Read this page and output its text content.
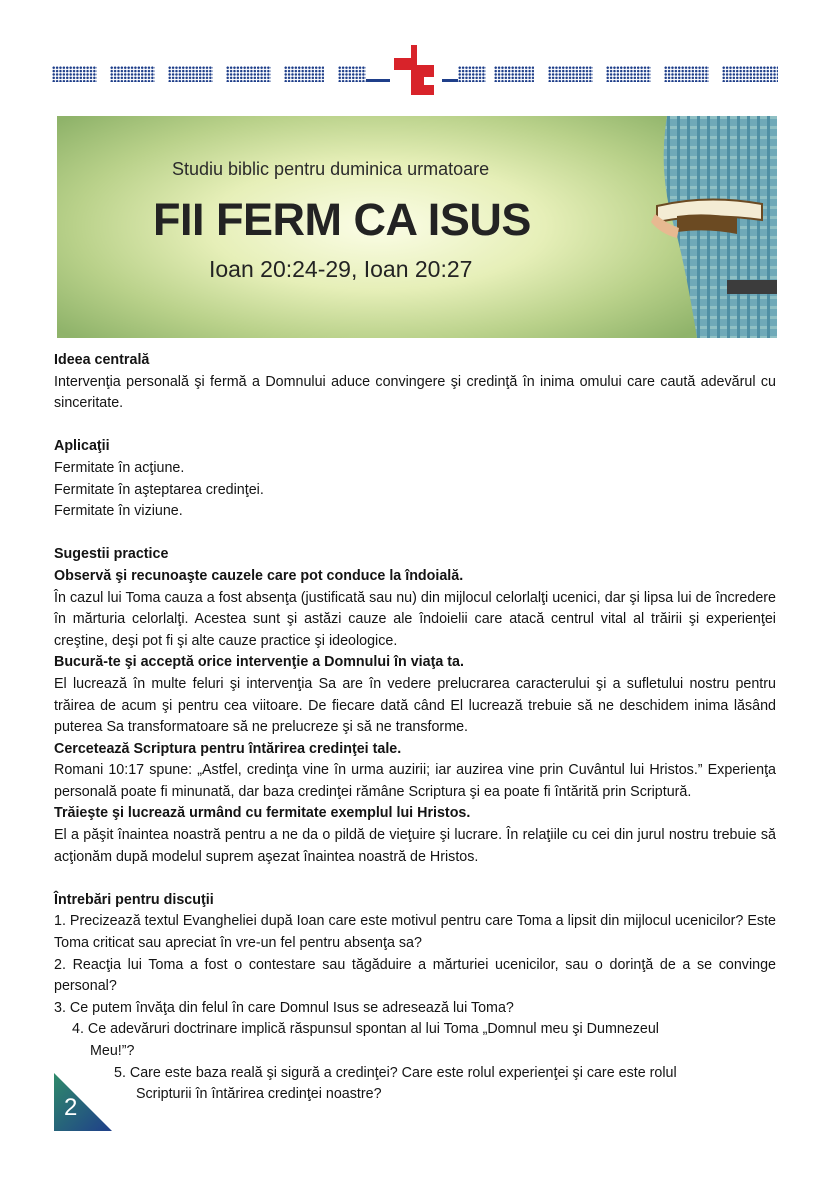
Studiu biblic pentru duminica urmatoare
FII FERM CA ISUS
Ioan 20:24-29, Ioan 20:27

Ideea centrală

Intervenţia personală şi fermă a Domnului aduce convingere şi credinţă în inima omului care caută adevărul cu sinceritate.

Aplicaţii

Fermitate în acţiune.

Fermitate în aşteptarea credinţei.

Fermitate în viziune.

Sugestii practice

Observă şi recunoaşte cauzele care pot conduce la îndoială.

În cazul lui Toma cauza a fost absenţa (justificată sau nu) din mijlocul celorlalţi ucenici, dar şi lipsa lui de încredere în mărturia celorlalţi. Acestea sunt şi astăzi cauze ale îndoielii care atacă centrul vital al trăirii şi experienţei creştine, deşi pot fi şi alte cauze practice şi ideologice.

Bucură-te şi acceptă orice intervenţie a Domnului în viaţa ta.

El lucrează în multe feluri şi intervenţia Sa are în vedere prelucrarea caracterului şi a sufletului nostru pentru trăirea de acum şi pentru cea viitoare. De fiecare dată când El lucrează trebuie să ne deschidem inima lăsând puterea Sa transformatoare să ne prelucreze şi să ne transforme.

Cercetează Scriptura pentru întărirea credinţei tale.

Romani 10:17 spune: „Astfel, credinţa vine în urma auzirii; iar auzirea vine prin Cuvântul lui Hristos.” Experienţa personală poate fi minunată, dar baza credinţei rămâne Scriptura şi ea poate fi întărită prin Scriptură.

Trăieşte şi lucrează urmând cu fermitate exemplul lui Hristos.

El a păşit înaintea noastră pentru a ne da o pildă de vieţuire şi lucrare. În relaţiile cu cei din jurul nostru trebuie să acţionăm după modelul suprem aşezat înaintea noastră de Hristos.

Întrebări pentru discuţii

1. Precizează textul Evangheliei după Ioan care este motivul pentru care Toma a lipsit din mijlocul ucenicilor? Este Toma criticat sau apreciat în vre-un fel pentru absenţa sa?

2. Reacţia lui Toma a fost o contestare sau tăgăduire a mărturiei ucenicilor, sau o dorinţă de a se convinge personal?

3. Ce putem învăţa din felul în care Domnul Isus se adresează lui Toma?

4. Ce adevăruri doctrinare implică răspunsul spontan al lui Toma „Domnul meu şi Dumnezeul

Meu!”?

5. Care este baza reală şi sigură a credinţei? Care este rolul experienţei şi care este rolul

Scripturii în întărirea credinţei noastre?

2
